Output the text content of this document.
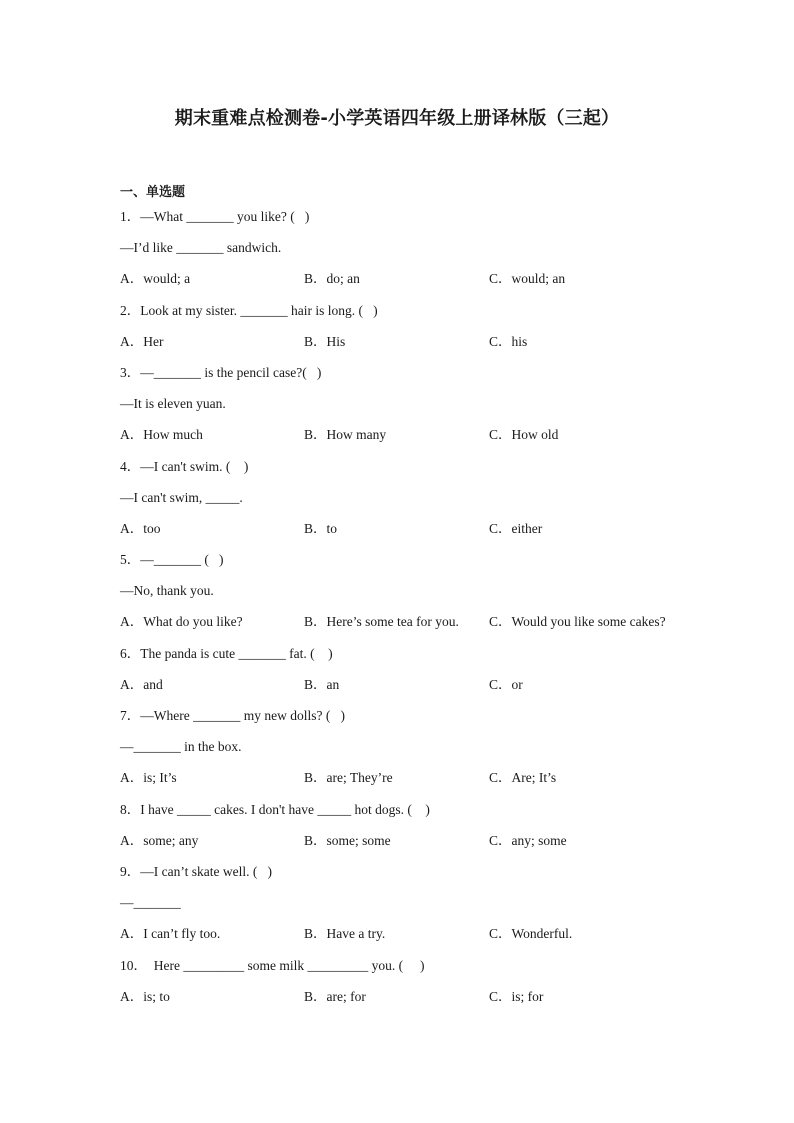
期末重难点检测卷-小学英语四年级上册译林版（三起）
一、单选题
1．—What _______ you like? (   )
—I’d like _______ sandwich.
A．would; a	B．do; an	C．would; an
2．Look at my sister. _______ hair is long. (   )
A．Her	B．His	C．his
3．—_______ is the pencil case?(   )
—It is eleven yuan.
A．How much	B．How many	C．How old
4．—I can't swim. (    )
—I can't swim, _____.
A．too	B．to	C．either
5．—_______ (   )
—No, thank you.
A．What do you like?	B．Here’s some tea for you. C．Would you like some cakes?
6．The panda is cute _______ fat. (    )
A．and	B．an	C．or
7．—Where _______ my new dolls? (   )
—_______ in the box.
A．is; It’s	B．are; They’re	C．Are; It’s
8．I have _____ cakes. I don't have _____ hot dogs. (    )
A．some; any	B．some; some	C．any; some
9．—I can’t skate well. (   )
—_______
A．I can’t fly too.	B．Have a try.	C．Wonderful.
10．  Here _________ some milk _________ you. (     )
A．is; to	B．are; for	C．is; for
